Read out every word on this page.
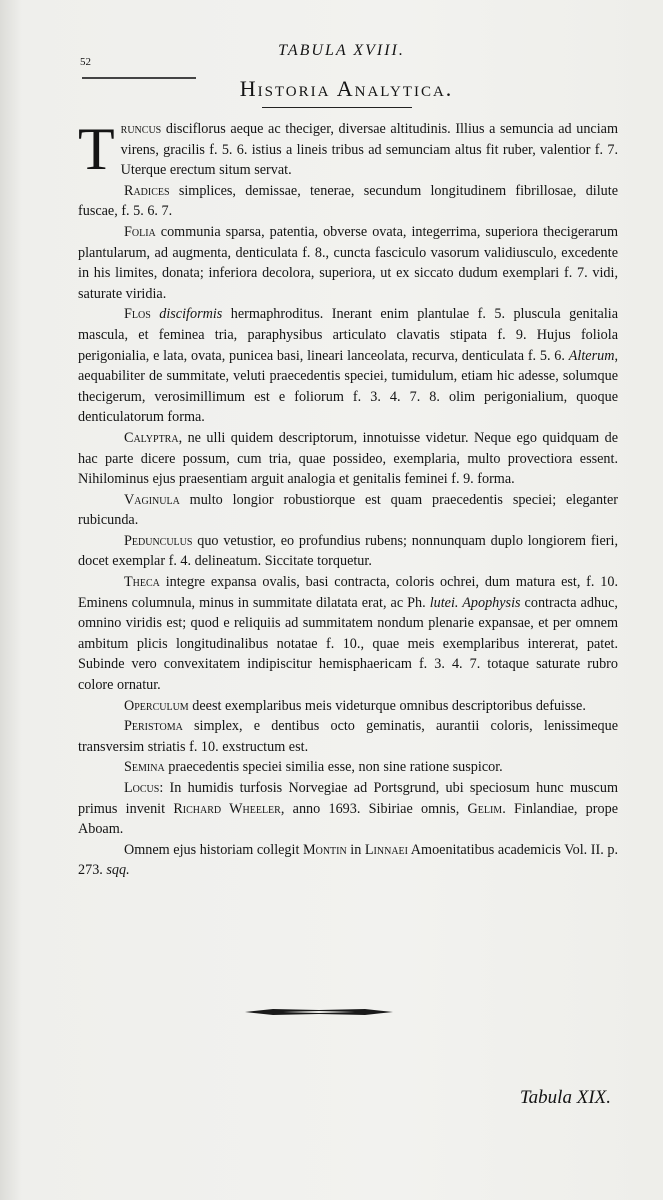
52
TABULA XVIII.
Historia Analytica.

Truncus disciflorus aeque ac theciger, diversae altitudinis. Illius a semuncia ad unciam virens, gracilis f. 5. 6. istius a lineis tribus ad semunciam altus fit ruber, valentior f. 7. Uterque erectum situm servat.

Radices simplices, demissae, tenerae, secundum longitudinem fibrillosae, dilute fuscae, f. 5. 6. 7.

Folia communia sparsa, patentia, obverse ovata, integerrima, superiora thecigerarum plantularum, ad augmenta, denticulata f. 8., cuncta fasciculo vasorum validiusculo, excedente in his limites, donata; inferiora decolora, superiora, ut ex siccato dudum exemplari f. 7. vidi, saturate viridia.

Flos disciformis hermaphroditus. Inerant enim plantulae f. 5. pluscula genitalia mascula, et feminea tria, paraphysibus articulato clavatis stipata f. 9. Hujus foliola perigonialia, e lata, ovata, punicea basi, lineari lanceolata, recurva, denticulata f. 5. 6. Alterum, aequabiliter de summitate, veluti praecedentis speciei, tumidulum, etiam hic adesse, solumque thecigerum, verosimillimum est e foliorum f. 3. 4. 7. 8. olim perigonialium, quoque denticulatorum forma.

Calyptra, ne ulli quidem descriptorum, innotuisse videtur. Neque ego quidquam de hac parte dicere possum, cum tria, quae possideo, exemplaria, multo provectiora essent. Nihilominus ejus praesentiam arguit analogia et genitalis feminei f. 9. forma.

Vaginula multo longior robustiorque est quam praecedentis speciei; eleganter rubicunda.

Pedunculus quo vetustior, eo profundius rubens; nonnunquam duplo longiorem fieri, docet exemplar f. 4. delineatum. Siccitate torquetur.

Theca integre expansa ovalis, basi contracta, coloris ochrei, dum matura est, f. 10. Eminens columnula, minus in summitate dilatata erat, ac Ph. lutei. Apophysis contracta adhuc, omnino viridis est; quod e reliquiis ad summitatem nondum plenarie expansae, et per omnem ambitum plicis longitudinalibus notatae f. 10., quae meis exemplaribus intererat, patet. Subinde vero convexitatem indipiscitur hemisphaericam f. 3. 4. 7. totaque saturate rubro colore ornatur.

Operculum deest exemplaribus meis videturque omnibus descriptoribus defuisse.

Peristoma simplex, e dentibus octo geminatis, aurantii coloris, lenissimeque transversim striatis f. 10. exstructum est.

Semina praecedentis speciei similia esse, non sine ratione suspicor.

Locus: In humidis turfosis Norvegiae ad Portsgrund, ubi speciosum hunc muscum primus invenit Richard Wheeler, anno 1693. Sibiriae omnis, Gelim. Finlandiae, prope Aboam.

Omnem ejus historiam collegit Montin in Linnaei Amoenitatibus academicis Vol. II. p. 273. sqq.

Tabula XIX.
